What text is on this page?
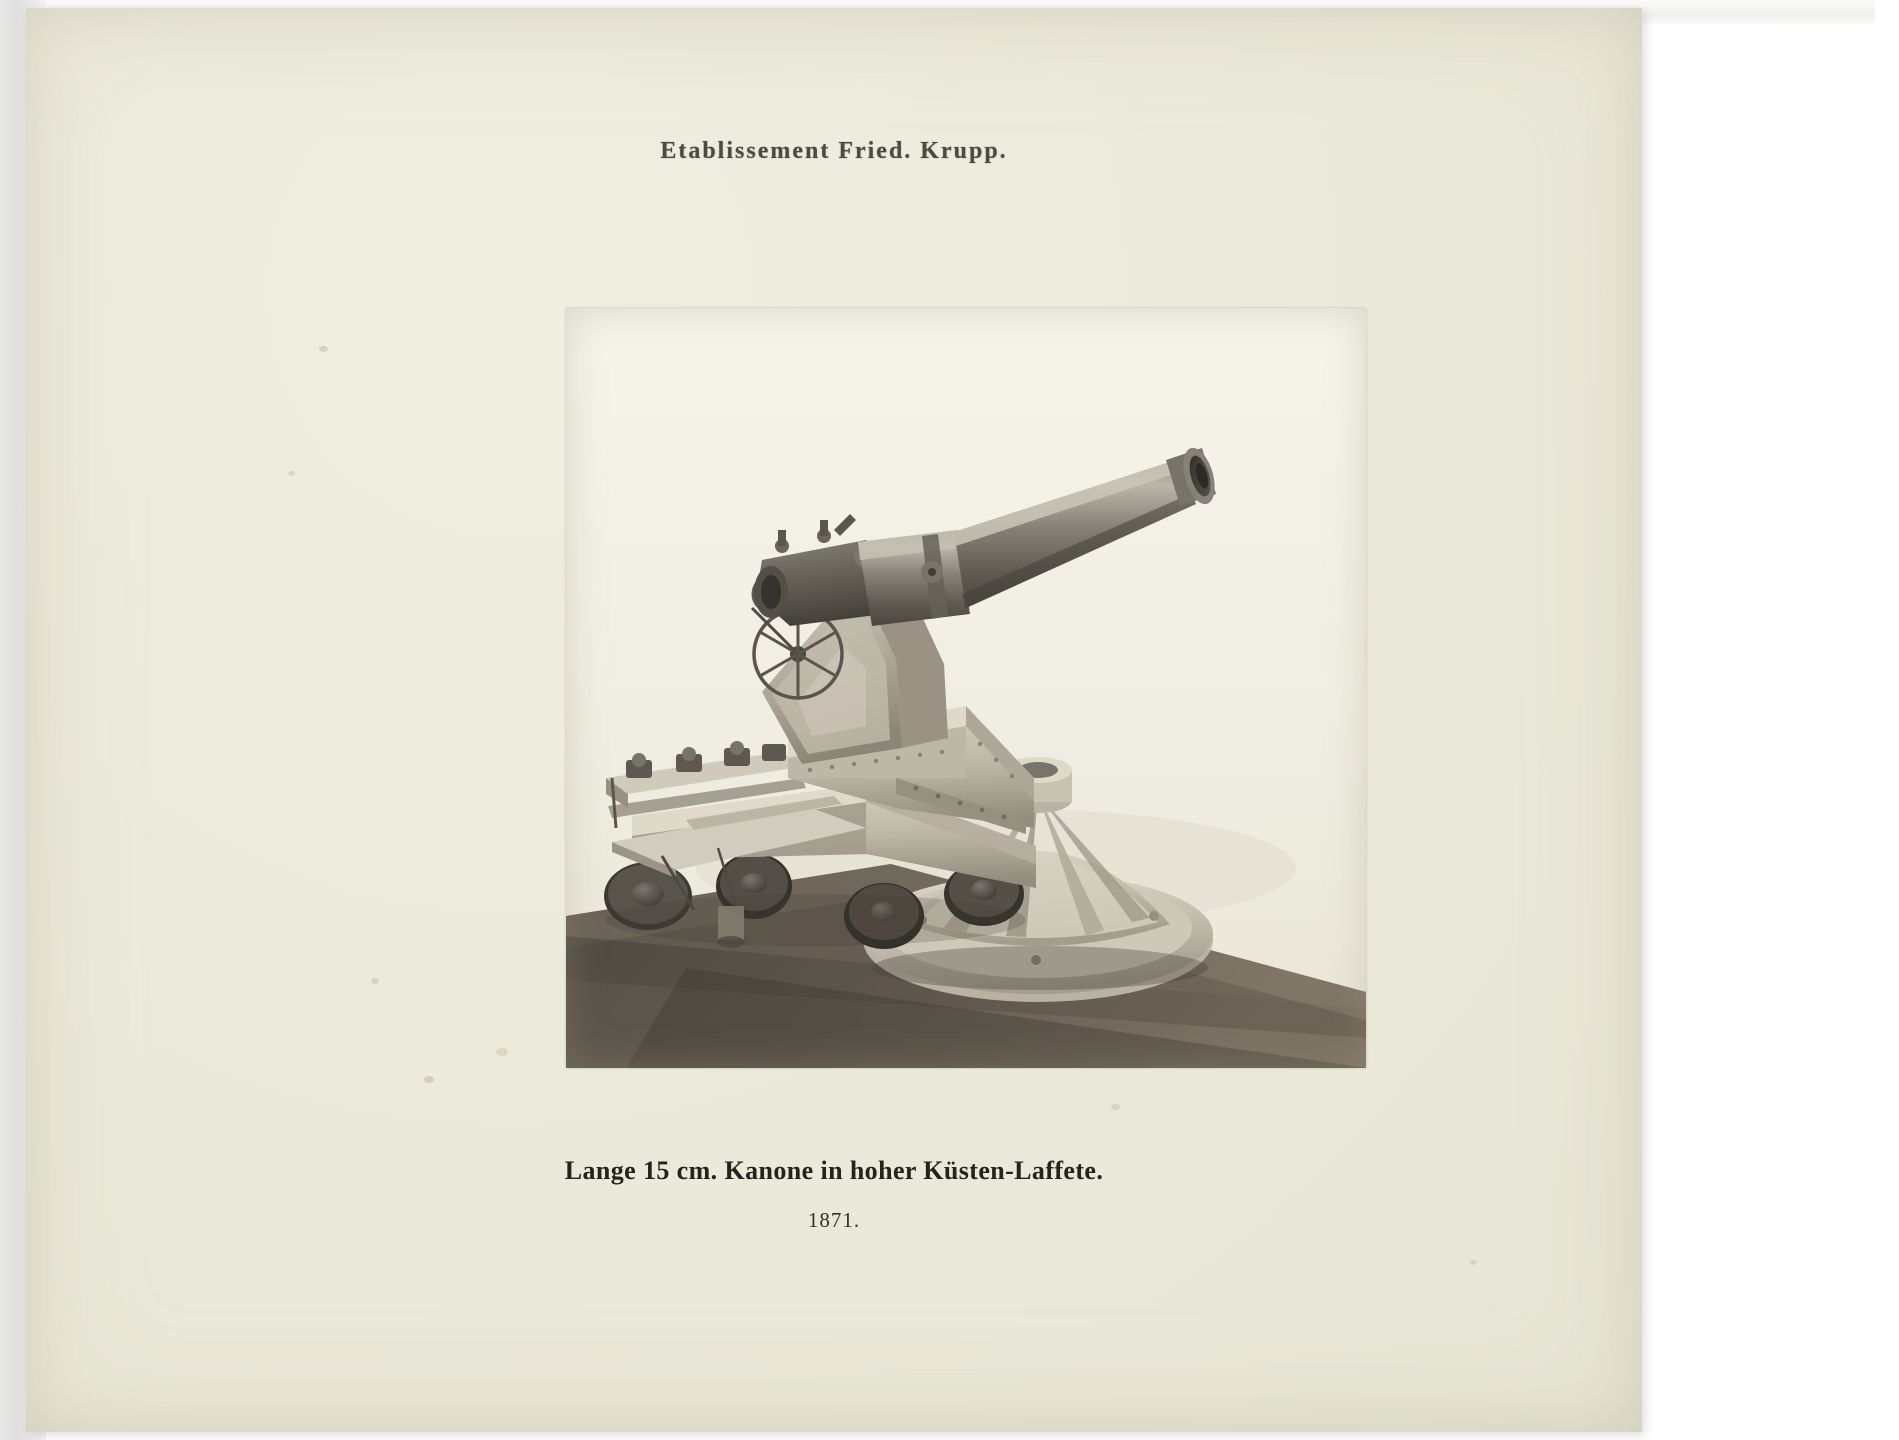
Etablissement Fried. Krupp.
Lange 15 cm. Kanone in hoher Küsten-Laffete.
1871.
